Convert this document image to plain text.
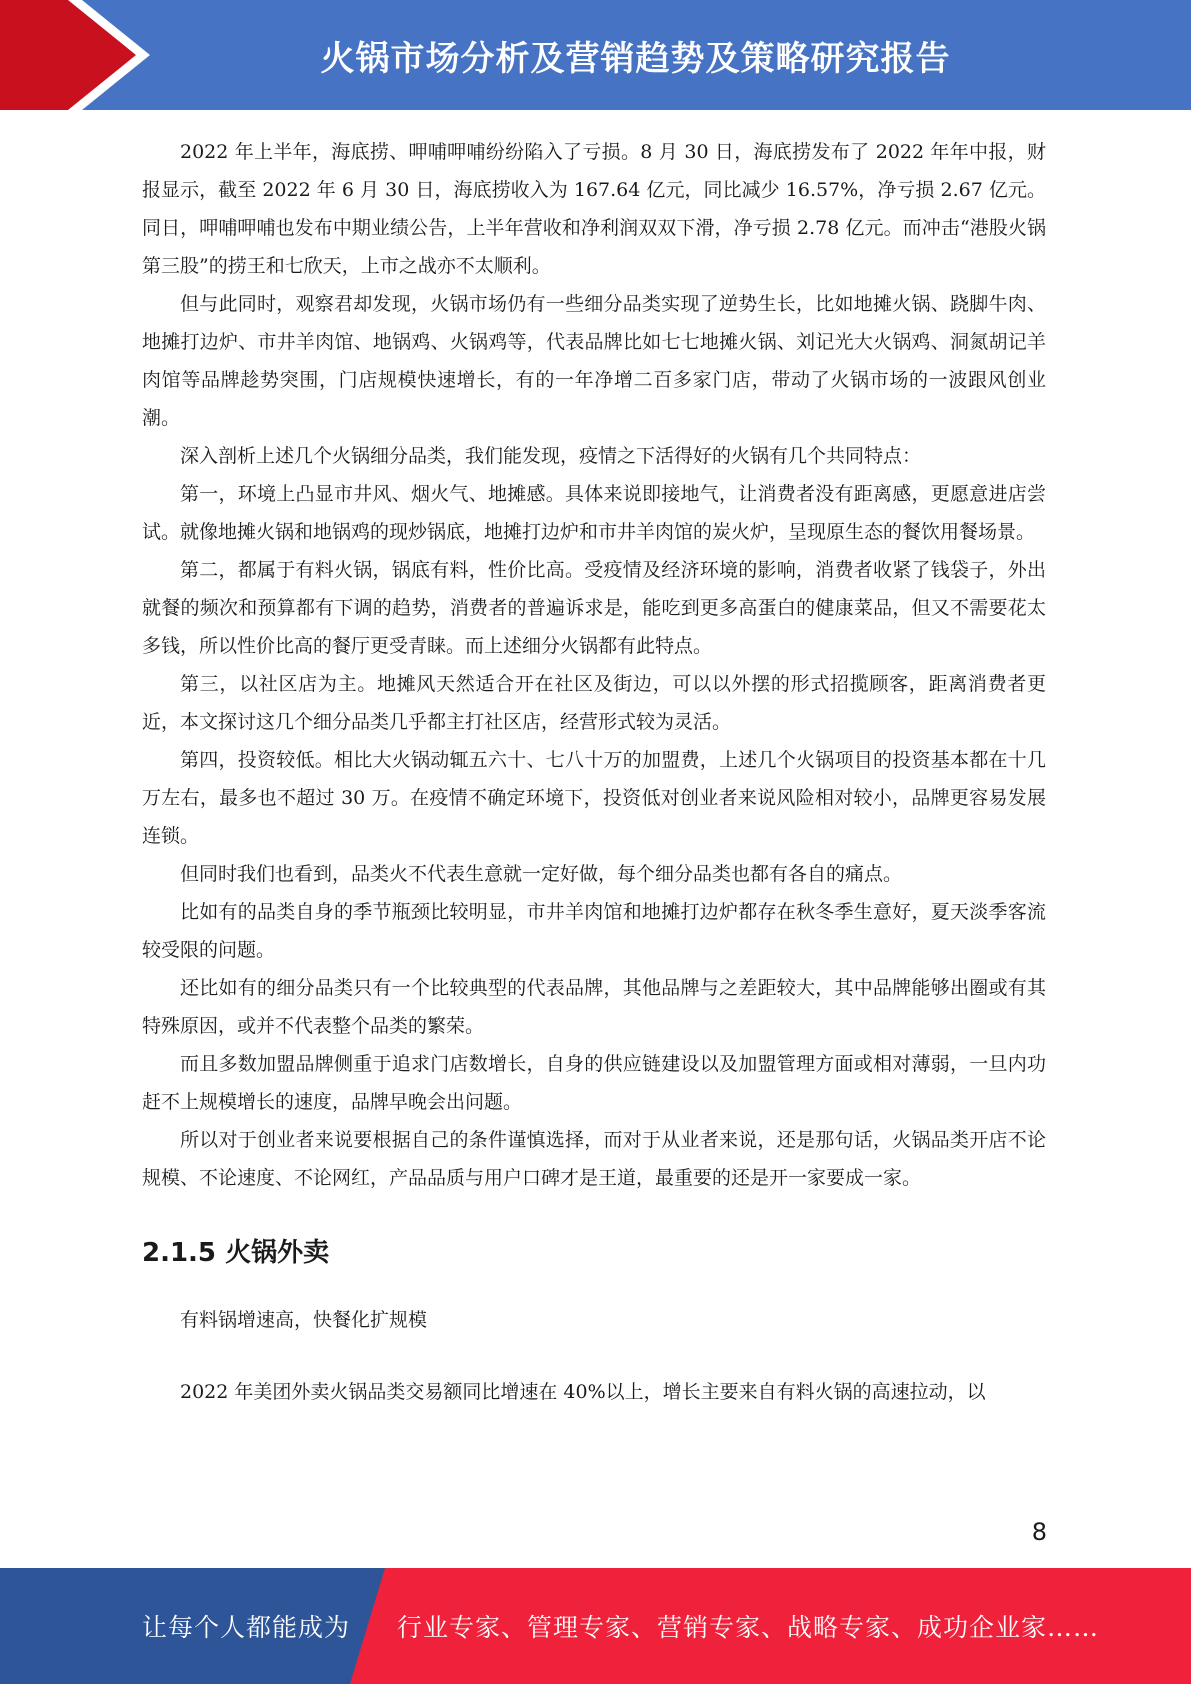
火锅市场分析及营销趋势及策略研究报告

2022 年上半年，海底捞、呷哺呷哺纷纷陷入了亏损。8 月 30 日，海底捞发布了 2022 年年中报，财报显示，截至 2022 年 6 月 30 日，海底捞收入为 167.64 亿元，同比减少 16.57%，净亏损 2.67 亿元。同日，呷哺呷哺也发布中期业绩公告，上半年营收和净利润双双下滑，净亏损 2.78 亿元。而冲击“港股火锅第三股”的捞王和七欣天，上市之战亦不太顺利。

但与此同时，观察君却发现，火锅市场仍有一些细分品类实现了逆势生长，比如地摊火锅、跷脚牛肉、地摊打边炉、市井羊肉馆、地锅鸡、火锅鸡等，代表品牌比如七七地摊火锅、刘记光大火锅鸡、洞氮胡记羊肉馆等品牌趁势突围，门店规模快速增长，有的一年净增二百多家门店，带动了火锅市场的一波跟风创业潮。

深入剖析上述几个火锅细分品类，我们能发现，疫情之下活得好的火锅有几个共同特点：

第一，环境上凸显市井风、烟火气、地摊感。具体来说即接地气，让消费者没有距离感，更愿意进店尝试。就像地摊火锅和地锅鸡的现炒锅底，地摊打边炉和市井羊肉馆的炭火炉，呈现原生态的餐饮用餐场景。

第二，都属于有料火锅，锅底有料，性价比高。受疫情及经济环境的影响，消费者收紧了钱袋子，外出就餐的频次和预算都有下调的趋势，消费者的普遍诉求是，能吃到更多高蛋白的健康菜品，但又不需要花太多钱，所以性价比高的餐厅更受青睐。而上述细分火锅都有此特点。

第三，以社区店为主。地摊风天然适合开在社区及街边，可以以外摆的形式招揽顾客，距离消费者更近，本文探讨这几个细分品类几乎都主打社区店，经营形式较为灵活。

第四，投资较低。相比大火锅动辄五六十、七八十万的加盟费，上述几个火锅项目的投资基本都在十几万左右，最多也不超过 30 万。在疫情不确定环境下，投资低对创业者来说风险相对较小，品牌更容易发展连锁。

但同时我们也看到，品类火不代表生意就一定好做，每个细分品类也都有各自的痛点。

比如有的品类自身的季节瓶颈比较明显，市井羊肉馆和地摊打边炉都存在秋冬季生意好，夏天淡季客流较受限的问题。

还比如有的细分品类只有一个比较典型的代表品牌，其他品牌与之差距较大，其中品牌能够出圈或有其特殊原因，或并不代表整个品类的繁荣。

而且多数加盟品牌侧重于追求门店数增长，自身的供应链建设以及加盟管理方面或相对薄弱，一旦内功赶不上规模增长的速度，品牌早晚会出问题。

所以对于创业者来说要根据自己的条件谨慎选择，而对于从业者来说，还是那句话，火锅品类开店不论规模、不论速度、不论网红，产品品质与用户口碑才是王道，最重要的还是开一家要成一家。

2.1.5 火锅外卖

有料锅增速高，快餐化扩规模

2022 年美团外卖火锅品类交易额同比增速在 40%以上，增长主要来自有料火锅的高速拉动，以

8
让每个人都能成为 行业专家、管理专家、营销专家、战略专家、成功企业家……
